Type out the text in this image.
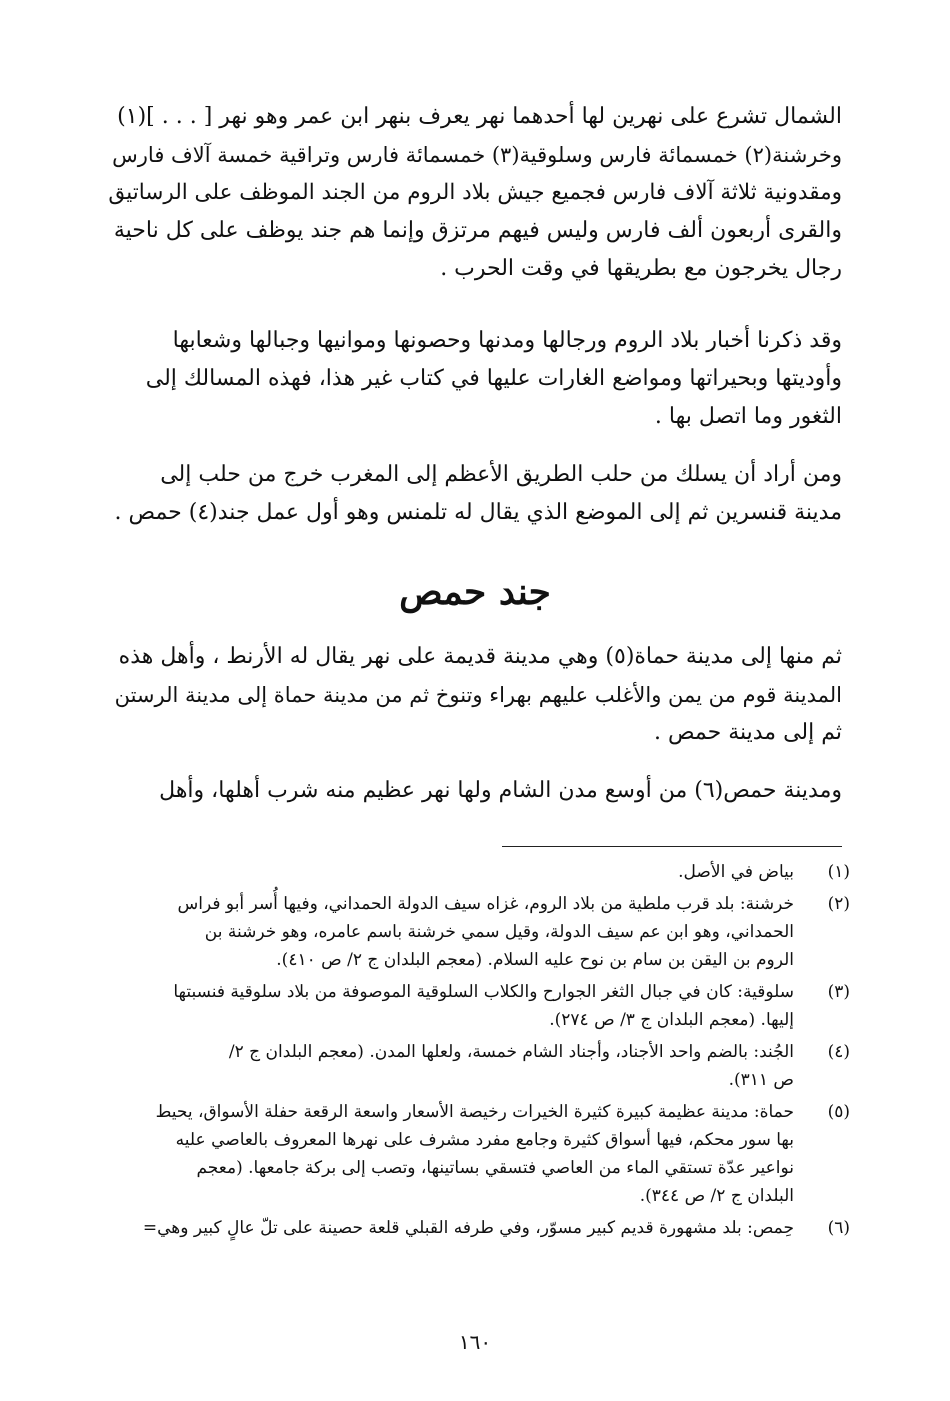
الشمال تشرع على نهرين لها أحدهما نهر يعرف بنهر ابن عمر وهو نهر [ . . . ](١)
وخرشنة(٢) خمسمائة فارس وسلوقية(٣) خمسمائة فارس وتراقية خمسة آلاف فارس
ومقدونية ثلاثة آلاف فارس فجميع جيش بلاد الروم من الجند الموظف على الرساتيق
والقرى أربعون ألف فارس وليس فيهم مرتزق وإنما هم جند يوظف على كل ناحية
رجال يخرجون مع بطريقها في وقت الحرب .
وقد ذكرنا أخبار بلاد الروم ورجالها ومدنها وحصونها وموانيها وجبالها وشعابها
وأوديتها وبحيراتها ومواضع الغارات عليها في كتاب غير هذا، فهذه المسالك إلى
الثغور وما اتصل بها .
ومن أراد أن يسلك من حلب الطريق الأعظم إلى المغرب خرج من حلب إلى
مدينة قنسرين ثم إلى الموضع الذي يقال له تلمنس وهو أول عمل جند(٤) حمص .
جند حمص
ثم منها إلى مدينة حماة(٥) وهي مدينة قديمة على نهر يقال له الأرنط ، وأهل هذه
المدينة قوم من يمن والأغلب عليهم بهراء وتنوخ ثم من مدينة حماة إلى مدينة الرستن
ثم إلى مدينة حمص .
ومدينة حمص(٦) من أوسع مدن الشام ولها نهر عظيم منه شرب أهلها، وأهل
(١)
بياض في الأصل.
(٢)
خرشنة: بلد قرب ملطية من بلاد الروم، غزاه سيف الدولة الحمداني، وفيها أُسر أبو فراس
الحمداني، وهو ابن عم سيف الدولة، وقيل سمي خرشنة باسم عامره، وهو خرشنة بن
الروم بن اليقن بن سام بن نوح عليه السلام. (معجم البلدان ج ٢/ ص ٤١٠).
(٣)
سلوقية: كان في جبال الثغر الجوارح والكلاب السلوقية الموصوفة من بلاد سلوقية فنسبتها
إليها. (معجم البلدان ج ٣/ ص ٢٧٤).
(٤)
الجُند: بالضم واحد الأجناد، وأجناد الشام خمسة، ولعلها المدن. (معجم البلدان ج ٢/
ص ٣١١).
(٥)
حماة: مدينة عظيمة كبيرة كثيرة الخيرات رخيصة الأسعار واسعة الرقعة حفلة الأسواق، يحيط
بها سور محكم، فيها أسواق كثيرة وجامع مفرد مشرف على نهرها المعروف بالعاصي عليه
نواعير عدّة تستقي الماء من العاصي فتسقي بساتينها، وتصب إلى بركة جامعها. (معجم
البلدان ج ٢/ ص ٣٤٤).
(٦)
حِمص: بلد مشهورة قديم كبير مسوّر، وفي طرفه القبلي قلعة حصينة على تلّ عالٍ كبير وهي=
١٦٠
